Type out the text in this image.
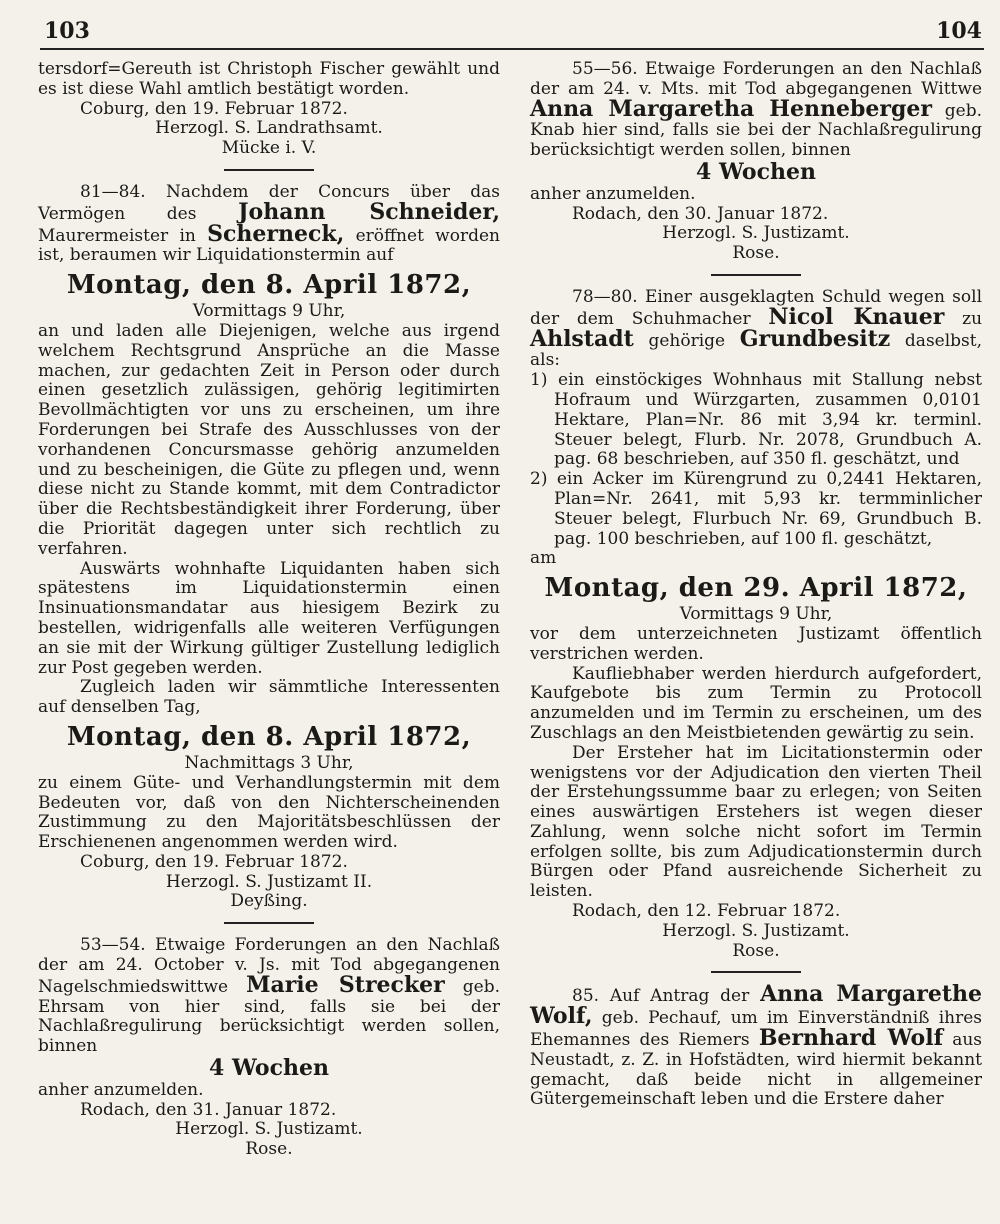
103	104

tersdorf=Gereuth ist Christoph Fischer gewählt und es ist diese Wahl amtlich bestätigt worden.

Coburg, den 19. Februar 1872.

Herzogl. S. Landrathsamt.

Mücke i. V.

81—84. Nachdem der Concurs über das Vermögen des Johann Schneider, Maurermeister in Scherneck, eröffnet worden ist, beraumen wir Liquidationstermin auf

Montag, den 8. April 1872,

Vormittags 9 Uhr,

an und laden alle Diejenigen, welche aus irgend welchem Rechtsgrund Ansprüche an die Masse machen, zur gedachten Zeit in Person oder durch einen gesetzlich zulässigen, gehörig legitimirten Bevollmächtigten vor uns zu erscheinen, um ihre Forderungen bei Strafe des Ausschlusses von der vorhandenen Concursmasse gehörig anzumelden und zu bescheinigen, die Güte zu pflegen und, wenn diese nicht zu Stande kommt, mit dem Contradictor über die Rechtsbeständigkeit ihrer Forderung, über die Priorität dagegen unter sich rechtlich zu verfahren.

Auswärts wohnhafte Liquidanten haben sich spätestens im Liquidationstermin einen Insinuationsmandatar aus hiesigem Bezirk zu bestellen, widrigenfalls alle weiteren Verfügungen an sie mit der Wirkung gültiger Zustellung lediglich zur Post gegeben werden.

Zugleich laden wir sämmtliche Interessenten auf denselben Tag,

Montag, den 8. April 1872,

Nachmittags 3 Uhr,

zu einem Güte- und Verhandlungstermin mit dem Bedeuten vor, daß von den Nichterscheinenden Zustimmung zu den Majoritätsbeschlüssen der Erschienenen angenommen werden wird.

Coburg, den 19. Februar 1872.

Herzogl. S. Justizamt II.

Deyßing.

53—54. Etwaige Forderungen an den Nachlaß der am 24. October v. Js. mit Tod abgegangenen Nagelschmiedswittwe Marie Strecker geb. Ehrsam von hier sind, falls sie bei der Nachlaßregulirung berücksichtigt werden sollen, binnen

4 Wochen

anher anzumelden.

Rodach, den 31. Januar 1872.

Herzogl. S. Justizamt.

Rose.

55—56. Etwaige Forderungen an den Nachlaß der am 24. v. Mts. mit Tod abgegangenen Wittwe Anna Margaretha Henneberger geb. Knab hier sind, falls sie bei der Nachlaßregulirung berücksichtigt werden sollen, binnen

4 Wochen

anher anzumelden.

Rodach, den 30. Januar 1872.

Herzogl. S. Justizamt.

Rose.

78—80. Einer ausgeklagten Schuld wegen soll der dem Schuhmacher Nicol Knauer zu Ahlstadt gehörige Grundbesitz daselbst, als:

1) ein einstöckiges Wohnhaus mit Stallung nebst Hofraum und Würzgarten, zusammen 0,0101 Hektare, Plan=Nr. 86 mit 3,94 kr. terminl. Steuer belegt, Flurb. Nr. 2078, Grundbuch A. pag. 68 beschrieben, auf 350 fl. geschätzt, und
2) ein Acker im Kürengrund zu 0,2441 Hektaren, Plan=Nr. 2641, mit 5,93 kr. termminlicher Steuer belegt, Flurbuch Nr. 69, Grundbuch B. pag. 100 beschrieben, auf 100 fl. geschätzt,

am

Montag, den 29. April 1872,

Vormittags 9 Uhr,

vor dem unterzeichneten Justizamt öffentlich verstrichen werden.

Kaufliebhaber werden hierdurch aufgefordert, Kaufgebote bis zum Termin zu Protocoll anzumelden und im Termin zu erscheinen, um des Zuschlags an den Meistbietenden gewärtig zu sein.

Der Ersteher hat im Licitationstermin oder wenigstens vor der Adjudication den vierten Theil der Erstehungssumme baar zu erlegen; von Seiten eines auswärtigen Erstehers ist wegen dieser Zahlung, wenn solche nicht sofort im Termin erfolgen sollte, bis zum Adjudicationstermin durch Bürgen oder Pfand ausreichende Sicherheit zu leisten.

Rodach, den 12. Februar 1872.

Herzogl. S. Justizamt.

Rose.

85. Auf Antrag der Anna Margarethe Wolf, geb. Pechauf, um im Einverständniß ihres Ehemannes des Riemers Bernhard Wolf aus Neustadt, z. Z. in Hofstädten, wird hiermit bekannt gemacht, daß beide nicht in allgemeiner Gütergemeinschaft leben und die Erstere daher
